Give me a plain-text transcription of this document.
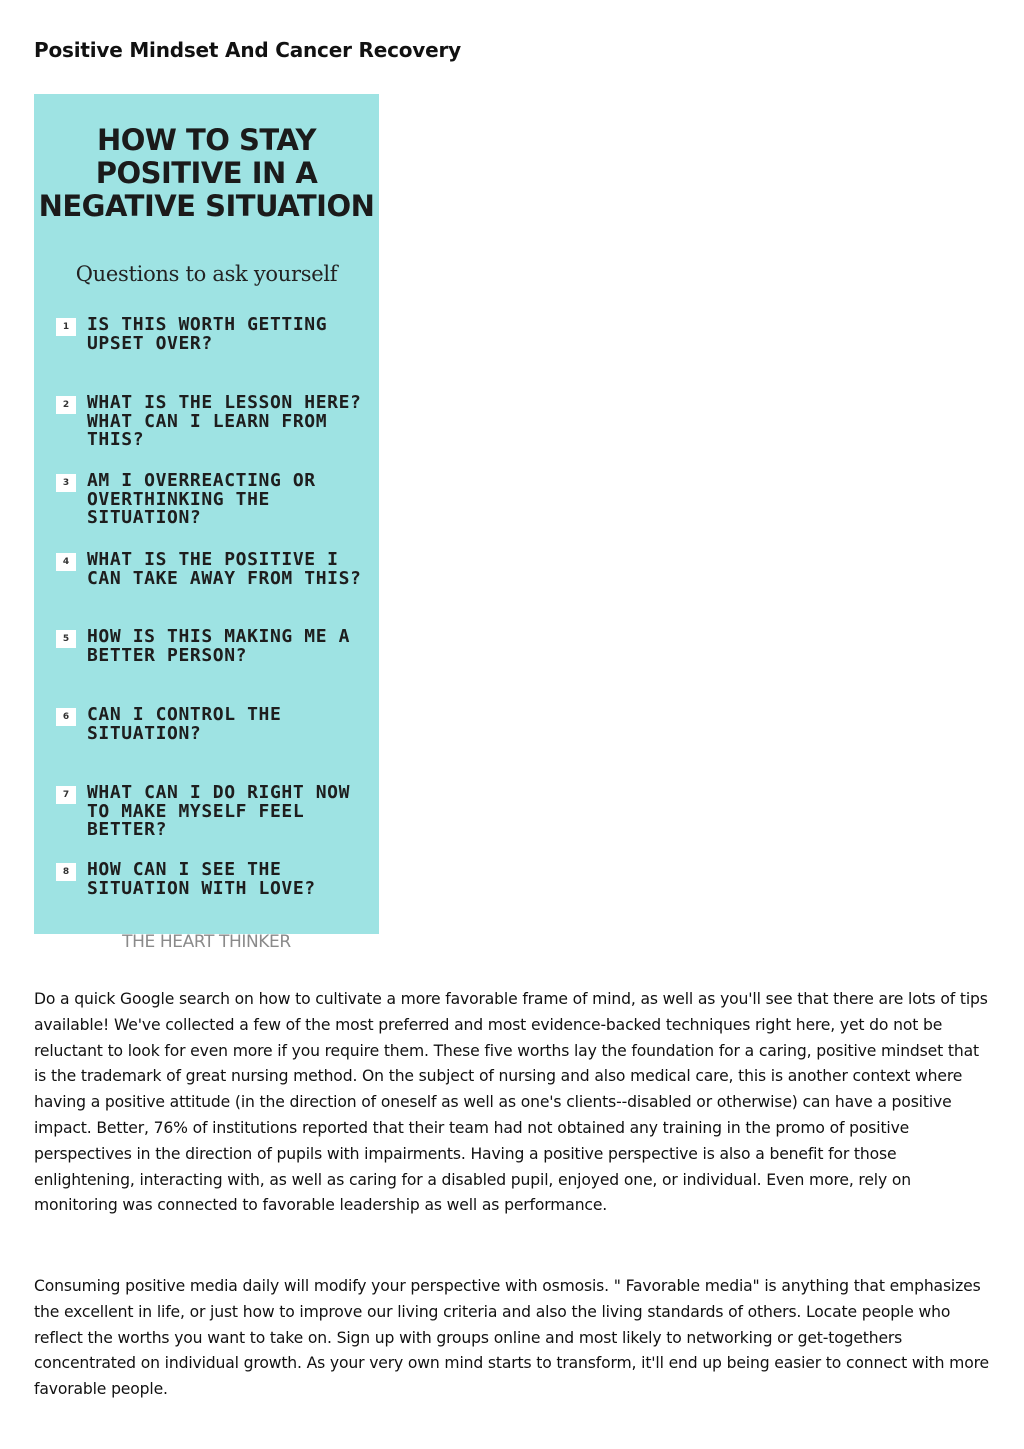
Positive Mindset And Cancer Recovery
HOW TO STAY POSITIVE IN A NEGATIVE SITUATION
Questions to ask yourself
1 IS THIS WORTH GETTING UPSET OVER?
2 WHAT IS THE LESSON HERE? WHAT CAN I LEARN FROM THIS?
3 AM I OVERREACTING OR OVERTHINKING THE SITUATION?
4 WHAT IS THE POSITIVE I CAN TAKE AWAY FROM THIS?
5 HOW IS THIS MAKING ME A BETTER PERSON?
6 CAN I CONTROL THE SITUATION?
7 WHAT CAN I DO RIGHT NOW TO MAKE MYSELF FEEL BETTER?
8 HOW CAN I SEE THE SITUATION WITH LOVE?
THE HEART THINKER

Do a quick Google search on how to cultivate a more favorable frame of mind, as well as you'll see that there are lots of tips available! We've collected a few of the most preferred and most evidence-backed techniques right here, yet do not be reluctant to look for even more if you require them. These five worths lay the foundation for a caring, positive mindset that is the trademark of great nursing method. On the subject of nursing and also medical care, this is another context where having a positive attitude (in the direction of oneself as well as one's clients--disabled or otherwise) can have a positive impact. Better, 76% of institutions reported that their team had not obtained any training in the promo of positive perspectives in the direction of pupils with impairments. Having a positive perspective is also a benefit for those enlightening, interacting with, as well as caring for a disabled pupil, enjoyed one, or individual. Even more, rely on monitoring was connected to favorable leadership as well as performance.

Consuming positive media daily will modify your perspective with osmosis. " Favorable media" is anything that emphasizes the excellent in life, or just how to improve our living criteria and also the living standards of others. Locate people who reflect the worths you want to take on. Sign up with groups online and most likely to networking or get-togethers concentrated on individual growth. As your very own mind starts to transform, it'll end up being easier to connect with more favorable people.
